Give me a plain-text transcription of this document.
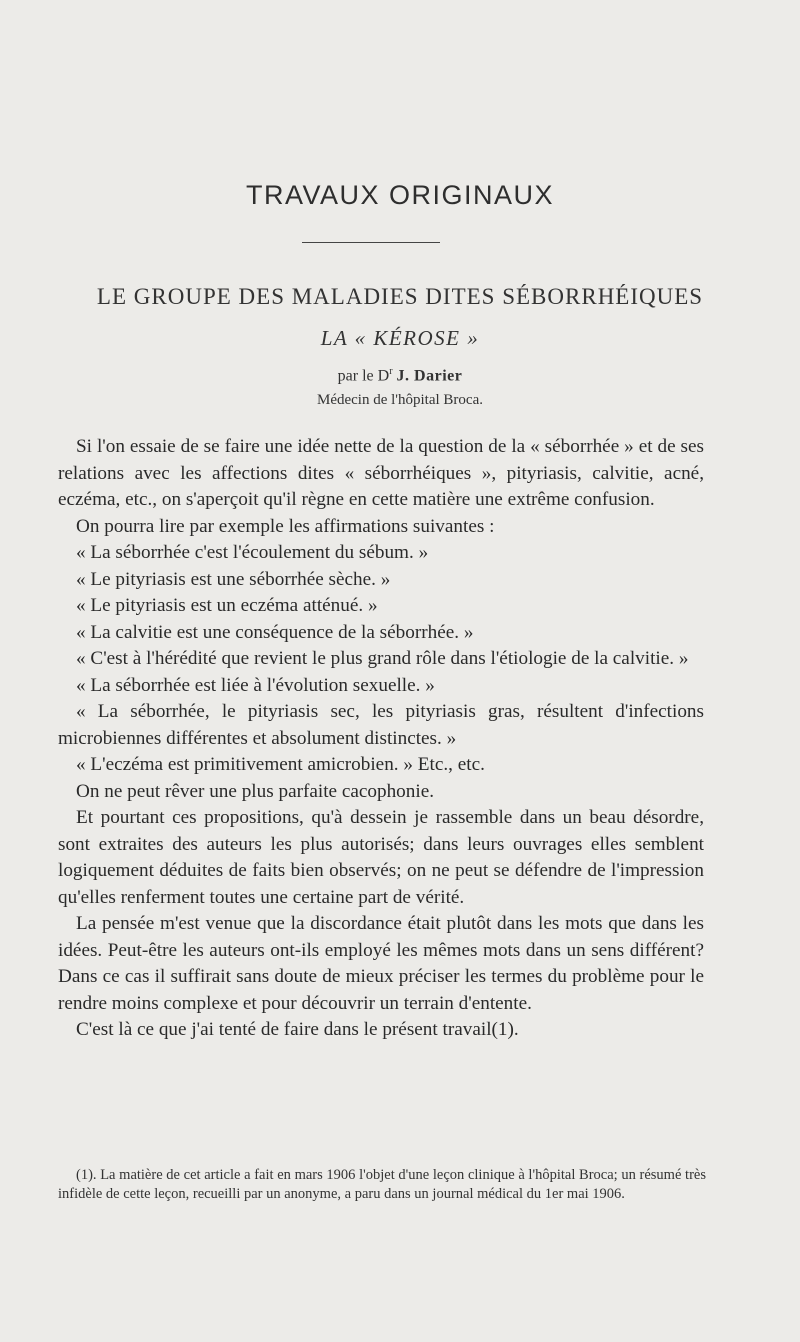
TRAVAUX ORIGINAUX
LE GROUPE DES MALADIES DITES SÉBORRHÉIQUES
LA « KÉROSE »
par le $D^r$ J. Darier
Médecin de l'hôpital Broca.

Si l'on essaie de se faire une idée nette de la question de la « séborrhée » et de ses relations avec les affections dites « séborrhéiques », pityriasis, calvitie, acné, eczéma, etc., on s'aperçoit qu'il règne en cette matière une extrême confusion.

On pourra lire par exemple les affirmations suivantes :

« La séborrhée c'est l'écoulement du sébum. »

« Le pityriasis est une séborrhée sèche. »

« Le pityriasis est un eczéma atténué. »

« La calvitie est une conséquence de la séborrhée. »

« C'est à l'hérédité que revient le plus grand rôle dans l'étiologie de la calvitie. »

« La séborrhée est liée à l'évolution sexuelle. »

« La séborrhée, le pityriasis sec, les pityriasis gras, résultent d'infections microbiennes différentes et absolument distinctes. »

« L'eczéma est primitivement amicrobien. » Etc., etc.

On ne peut rêver une plus parfaite cacophonie.

Et pourtant ces propositions, qu'à dessein je rassemble dans un beau désordre, sont extraites des auteurs les plus autorisés; dans leurs ouvrages elles semblent logiquement déduites de faits bien observés; on ne peut se défendre de l'impression qu'elles renferment toutes une certaine part de vérité.

La pensée m'est venue que la discordance était plutôt dans les mots que dans les idées. Peut-être les auteurs ont-ils employé les mêmes mots dans un sens différent? Dans ce cas il suffirait sans doute de mieux préciser les termes du problème pour le rendre moins complexe et pour découvrir un terrain d'entente.

C'est là ce que j'ai tenté de faire dans le présent travail(1).

(1). La matière de cet article a fait en mars 1906 l'objet d'une leçon clinique à l'hôpital Broca; un résumé très infidèle de cette leçon, recueilli par un anonyme, a paru dans un journal médical du 1er mai 1906.
